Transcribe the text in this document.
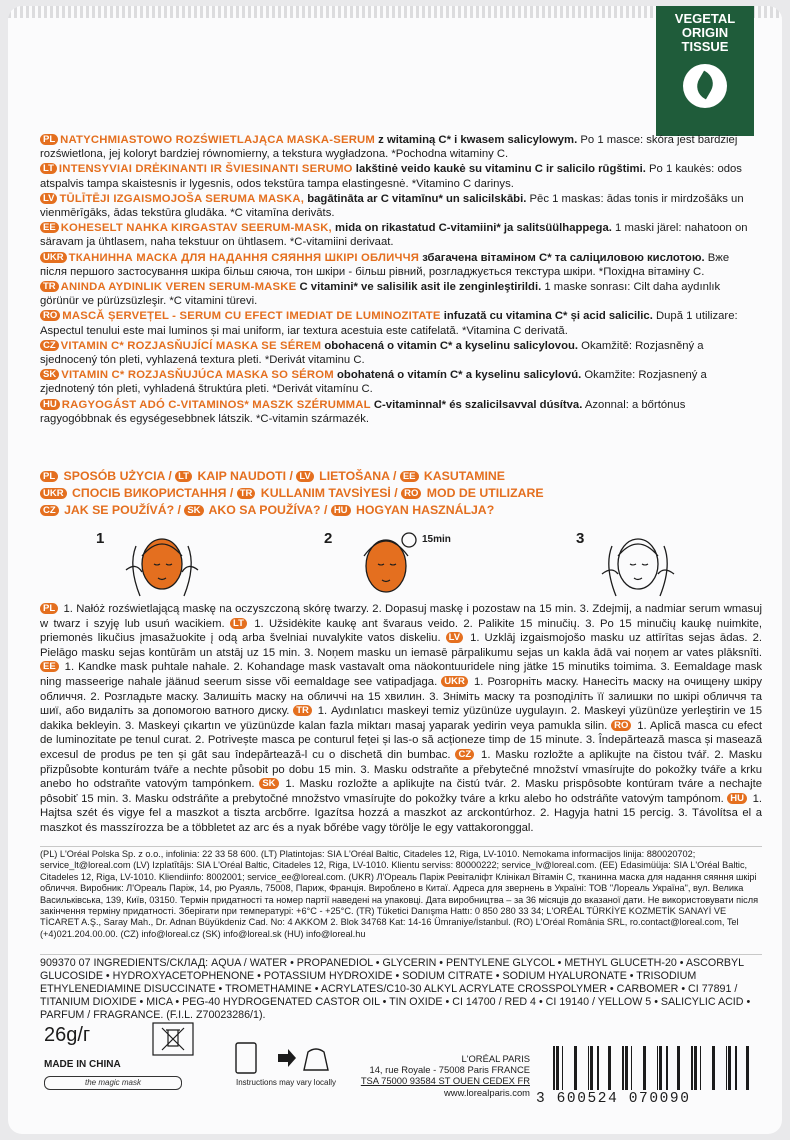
VEGETAL
ORIGIN
TISSUE

PL NATYCHMIASTOWO ROZŚWIETLAJĄCA MASKA-SERUM z witaminą C* i kwasem salicylowym. Po 1 masce: skóra jest bardziej rozświetlona, jej koloryt bardziej równomierny, a tekstura wygładzona. *Pochodna witaminy C.

LT INTENSYVIAI DRĖKINANTI IR ŠVIESINANTI SERUMO lakštinė veido kaukė su vitaminu C ir salicilo rūgštimi. Po 1 kaukės: odos atspalvis tampa skaistesnis ir lygesnis, odos tekstūra tampa elastingesnė. *Vitamino C darinys.

LV TŪLĪTĒJI IZGAISMOJOŠA SERUMA MASKA, bagātināta ar C vitamīnu* un salicilskābi. Pēc 1 maskas: ādas tonis ir mirdzošāks un vienmērīgāks, ādas tekstūra gludāka. *C vitamīna derivāts.

EE KOHESELT NAHKA KIRGASTAV SEERUM-MASK, mida on rikastatud C-vitamiini* ja salitsüülhappega. 1 maski järel: nahatoon on säravam ja ühtlasem, naha tekstuur on ühtlasem. *C-vitamiini derivaat.

UKR ТКАНИННА МАСКА ДЛЯ НАДАННЯ СЯЯННЯ ШКІРІ ОБЛИЧЧЯ збагачена вітаміном С* та саліциловою кислотою. Вже після першого застосування шкіра більш сяюча, тон шкіри - більш рівний, розгладжується текстура шкіри. *Похідна вітаміну С.

TR ANINDA AYDINLIK VEREN SERUM-MASKE C vitamini* ve salisilik asit ile zenginleştirildi. 1 maske sonrası: Cilt daha aydınlık görünür ve pürüzsüzleşir. *C vitamini türevi.

RO MASCĂ ȘERVEȚEL - SERUM CU EFECT IMEDIAT DE LUMINOZITATE infuzată cu vitamina C* și acid salicilic. După 1 utilizare: Aspectul tenului este mai luminos și mai uniform, iar textura acestuia este catifelată. *Vitamina C derivată.

CZ VITAMIN C* ROZJASŇUJÍCÍ MASKA SE SÉREM obohacená o vitamin C* a kyselinu salicylovou. Okamžitě: Rozjasněný a sjednocený tón pleti, vyhlazená textura pleti. *Derivát vitaminu C.

SK VITAMIN C* ROZJASŇUJÚCA MASKA SO SÉROM obohatená o vitamín C* a kyselinu salicylovú. Okamžite: Rozjasnený a zjednotený tón pleti, vyhladená štruktúra pleti. *Derivát vitamínu C.

HU RAGYOGÁST ADÓ C-VITAMINOS* MASZK SZÉRUMMAL C-vitaminnal* és szalicilsavval dúsítva. Azonnal: a bőrtónus ragyogóbbnak és egységesebbnek látszik. *C-vitamin származék.

PL SPOSÓB UŻYCIA / LT KAIP NAUDOTI / LV LIETOŠANA / EE KASUTAMINE
UKR СПОСІБ ВИКОРИСТАННЯ / TR KULLANIM TAVSİYESİ / RO MOD DE UTILIZARE
CZ JAK SE POUŽÍVÁ? / SK AKO SA POUŽÍVA? / HU HOGYAN HASZNÁLJA?
1	2	15min	3
PL 1. Nałóż rozświetlającą maskę na oczyszczoną skórę twarzy. 2. Dopasuj maskę i pozostaw na 15 min. 3. Zdejmij, a nadmiar serum wmasuj w twarz i szyję lub usuń wacikiem. LT 1. Užsidėkite kaukę ant švaraus veido. 2. Palikite 15 minučių. 3. Po 15 minučių kaukę nuimkite, priemonės likučius įmasažuokite į odą arba švelniai nuvalykite vatos diskeliu. LV 1. Uzklāj izgaismojošo masku uz attīrītas sejas ādas. 2. Pielāgo masku sejas kontūrām un atstāj uz 15 min. 3. Noņem masku un iemasē pārpalikumu sejas un kakla ādā vai noņem ar vates plāksnīti. EE 1. Kandke mask puhtale nahale. 2. Kohandage mask vastavalt oma näokontuuridele ning jätke 15 minutiks toimima. 3. Eemaldage mask ning masseerige nahale jäänud seerum sisse või eemaldage see vatipadjaga. UKR 1. Розгорніть маску. Нанесіть маску на очищену шкіру обличчя. 2. Розгладьте маску. Залишіть маску на обличчі на 15 хвилин. 3. Зніміть маску та розподіліть її залишки по шкірі обличчя та шиї, або видаліть за допомогою ватного диску. TR 1. Aydınlatıcı maskeyi temiz yüzünüze uygulayın. 2. Maskeyi yüzünüze yerleştirin ve 15 dakika bekleyin. 3. Maskeyi çıkartın ve yüzünüzde kalan fazla miktarı masaj yaparak yedirin veya pamukla silin. RO 1. Aplică masca cu efect de luminozitate pe tenul curat. 2. Potrivește masca pe conturul feței și las-o să acționeze timp de 15 minute. 3. Îndepărtează masca și masează excesul de produs pe ten și gât sau îndepărtează-l cu o dischetă din bumbac. CZ 1. Masku rozložte a aplikujte na čistou tvář. 2. Masku přizpůsobte konturám tváře a nechte působit po dobu 15 min. 3. Masku odstraňte a přebytečné množství vmasírujte do pokožky tváře a krku anebo ho odstraňte vatovým tampónkem. SK 1. Masku rozložte a aplikujte na čistú tvár. 2. Masku prispôsobte kontúram tváre a nechajte pôsobiť 15 min. 3. Masku odstráňte a prebytočné množstvo vmasírujte do pokožky tváre a krku alebo ho odstráňte vatovým tampónom. HU 1. Hajtsa szét és vigye fel a maszkot a tiszta arcbőrre. Igazítsa hozzá a maszkot az arckontúrhoz. 2. Hagyja hatni 15 percig. 3. Távolítsa el a maszkot és masszírozza be a többletet az arc és a nyak bőrébe vagy törölje le egy vattakoronggal.
(PL) L'Oréal Polska Sp. z o.o., infolinia: 22 33 58 600. (LT) Platintojas: SIA L'Oréal Baltic, Citadeles 12, Riga, LV-1010. Nemokama informacijos linija: 880020702; service_lt@loreal.com (LV) Izplatītājs: SIA L'Oréal Baltic, Citadeles 12, Riga, LV-1010. Klientu serviss: 80000222; service_lv@loreal.com. (EE) Edasimüüja: SIA L'Oréal Baltic, Citadeles 12, Riga, LV-1010. Kliendiinfo: 8002001; service_ee@loreal.com. (UKR) Л'Ореаль Паріж Ревіталіфт Клінікал Вітамін С, тканинна маска для надання сяяння шкірі обличчя. Виробник: Л'Ореаль Паріж, 14, рю Руаяль, 75008, Париж, Франція. Вироблено в Китаї. Адреса для звернень в Україні: ТОВ "Лореаль Україна", вул. Велика Васильківська, 139, Київ, 03150. Термін придатності та номер партії наведені на упаковці. Дата виробництва – за 36 місяців до вказаної дати. Не використовувати після закінчення терміну придатності. Зберігати при температурі: +6°C - +25°C. (TR) Tüketici Danışma Hattı: 0 850 280 33 34; L'ORÉAL TÜRKİYE KOZMETİK SANAYİ VE TİCARET A.Ş., Saray Mah., Dr. Adnan Büyükdeniz Cad. No: 4 AKKOM 2. Blok 34768 Kat: 14-16 Ümraniye/İstanbul. (RO) L'Oréal România SRL, ro.contact@loreal.com, Tel (+4)021.204.00.00. (CZ) info@loreal.cz (SK) info@loreal.sk (HU) info@loreal.hu
909370 07 INGREDIENTS/СКЛАД: AQUA / WATER • PROPANEDIOL • GLYCERIN • PENTYLENE GLYCOL • METHYL GLUCETH-20 • ASCORBYL GLUCOSIDE • HYDROXYACETOPHENONE • POTASSIUM HYDROXIDE • SODIUM CITRATE • SODIUM HYALURONATE • TRISODIUM ETHYLENEDIAMINE DISUCCINATE • TROMETHAMINE • ACRYLATES/C10-30 ALKYL ACRYLATE CROSSPOLYMER • CARBOMER • CI 77891 / TITANIUM DIOXIDE • MICA • PEG-40 HYDROGENATED CASTOR OIL • TIN OXIDE • CI 14700 / RED 4 • CI 19140 / YELLOW 5 • SALICYLIC ACID • PARFUM / FRAGRANCE. (F.I.L. Z70023286/1).
26g/г
MADE IN CHINA
the magic mask	Instructions may vary locally
L'ORÉAL PARIS
14, rue Royale - 75008 Paris FRANCE
TSA 75000 93584 ST OUEN CEDEX FR
www.lorealparis.com 3 600524 070090
